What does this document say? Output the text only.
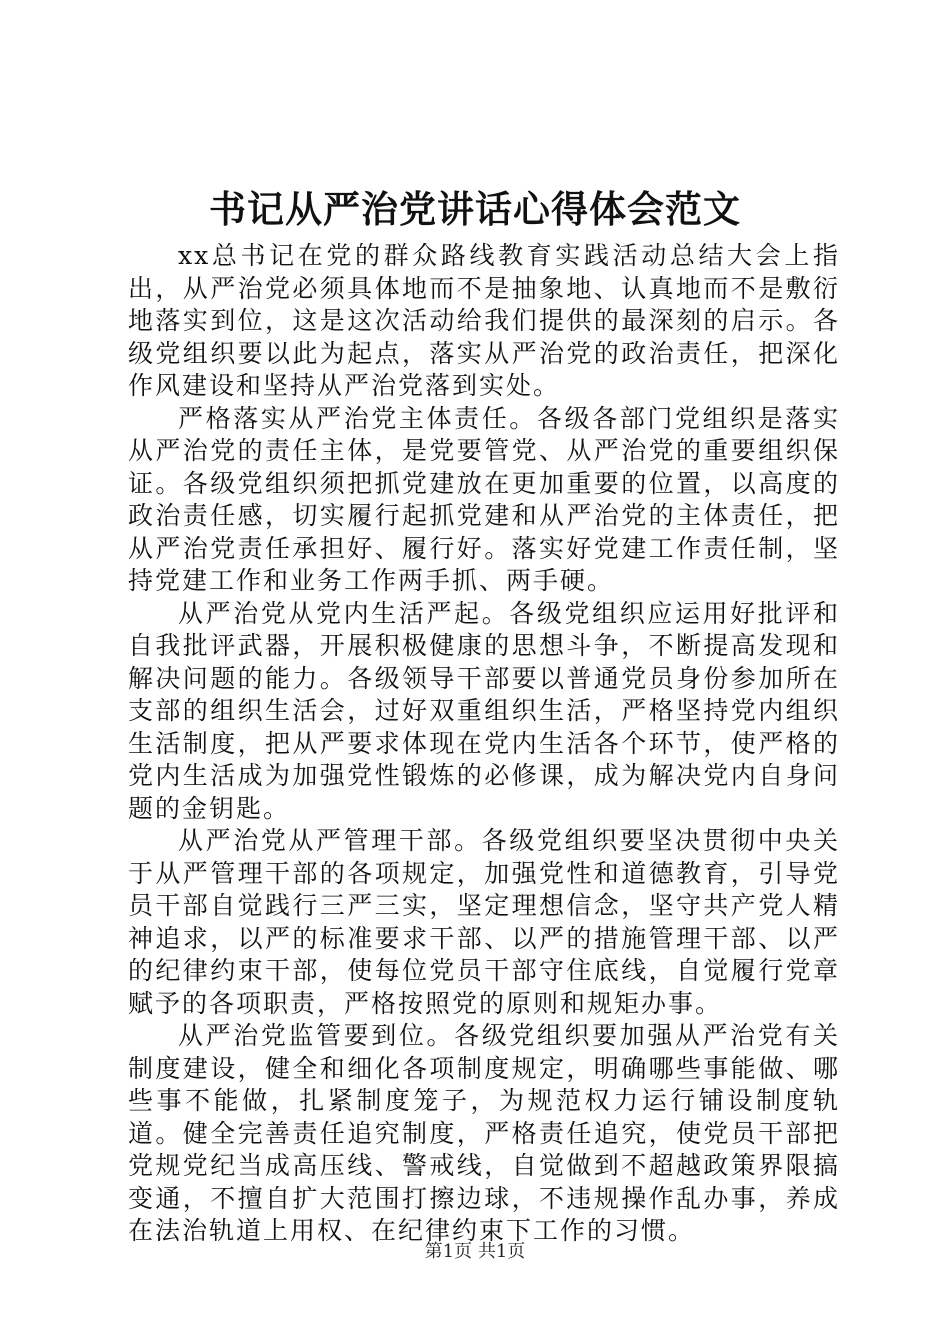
书记从严治党讲话心得体会范文

xx总书记在党的群众路线教育实践活动总结大会上指出，从严治党必须具体地而不是抽象地、认真地而不是敷衍地落实到位，这是这次活动给我们提供的最深刻的启示。各级党组织要以此为起点，落实从严治党的政治责任，把深化作风建设和坚持从严治党落到实处。

严格落实从严治党主体责任。各级各部门党组织是落实从严治党的责任主体，是党要管党、从严治党的重要组织保证。各级党组织须把抓党建放在更加重要的位置，以高度的政治责任感，切实履行起抓党建和从严治党的主体责任，把从严治党责任承担好、履行好。落实好党建工作责任制，坚持党建工作和业务工作两手抓、两手硬。

从严治党从党内生活严起。各级党组织应运用好批评和自我批评武器，开展积极健康的思想斗争，不断提高发现和解决问题的能力。各级领导干部要以普通党员身份参加所在支部的组织生活会，过好双重组织生活，严格坚持党内组织生活制度，把从严要求体现在党内生活各个环节，使严格的党内生活成为加强党性锻炼的必修课，成为解决党内自身问题的金钥匙。

从严治党从严管理干部。各级党组织要坚决贯彻中央关于从严管理干部的各项规定，加强党性和道德教育，引导党员干部自觉践行三严三实，坚定理想信念，坚守共产党人精神追求，以严的标准要求干部、以严的措施管理干部、以严的纪律约束干部，使每位党员干部守住底线，自觉履行党章赋予的各项职责，严格按照党的原则和规矩办事。

从严治党监管要到位。各级党组织要加强从严治党有关制度建设，健全和细化各项制度规定，明确哪些事能做、哪些事不能做，扎紧制度笼子，为规范权力运行铺设制度轨道。健全完善责任追究制度，严格责任追究，使党员干部把党规党纪当成高压线、警戒线，自觉做到不超越政策界限搞变通，不擅自扩大范围打擦边球，不违规操作乱办事，养成在法治轨道上用权、在纪律约束下工作的习惯。

第1页 共1页
